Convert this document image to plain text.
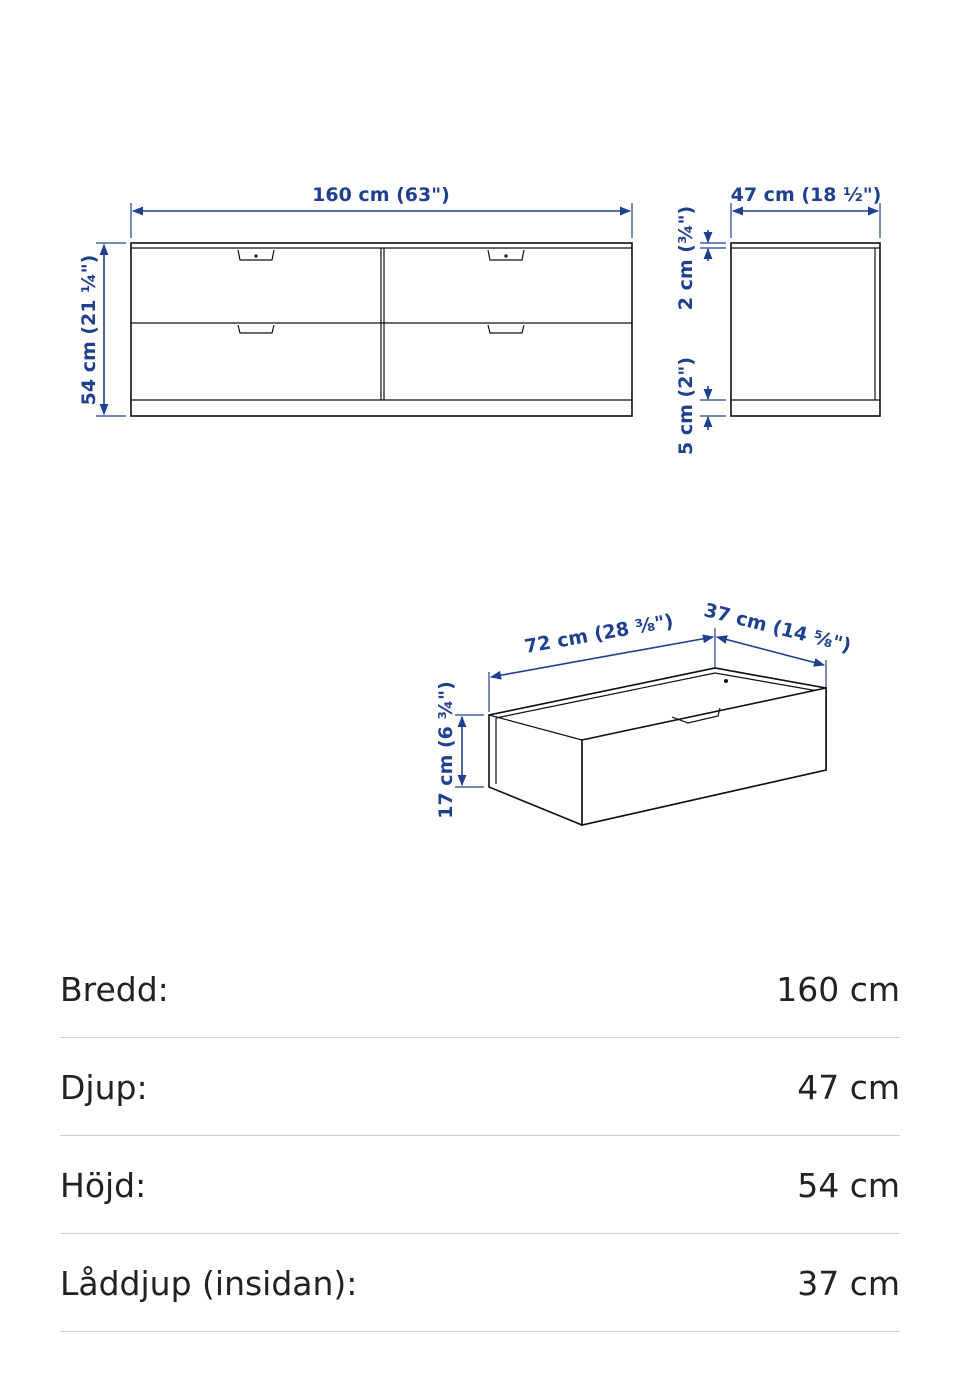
160 cm (63")
54 cm (21 ¼")
47 cm (18 ½")
2 cm (¾")
5 cm (2")
72 cm (28 ⅜") 37 cm (14 ⅝")
17 cm (6 ¾")
Bredd:	160 cm
Djup:	47 cm
Höjd:	54 cm
Låddjup (insidan):	37 cm
